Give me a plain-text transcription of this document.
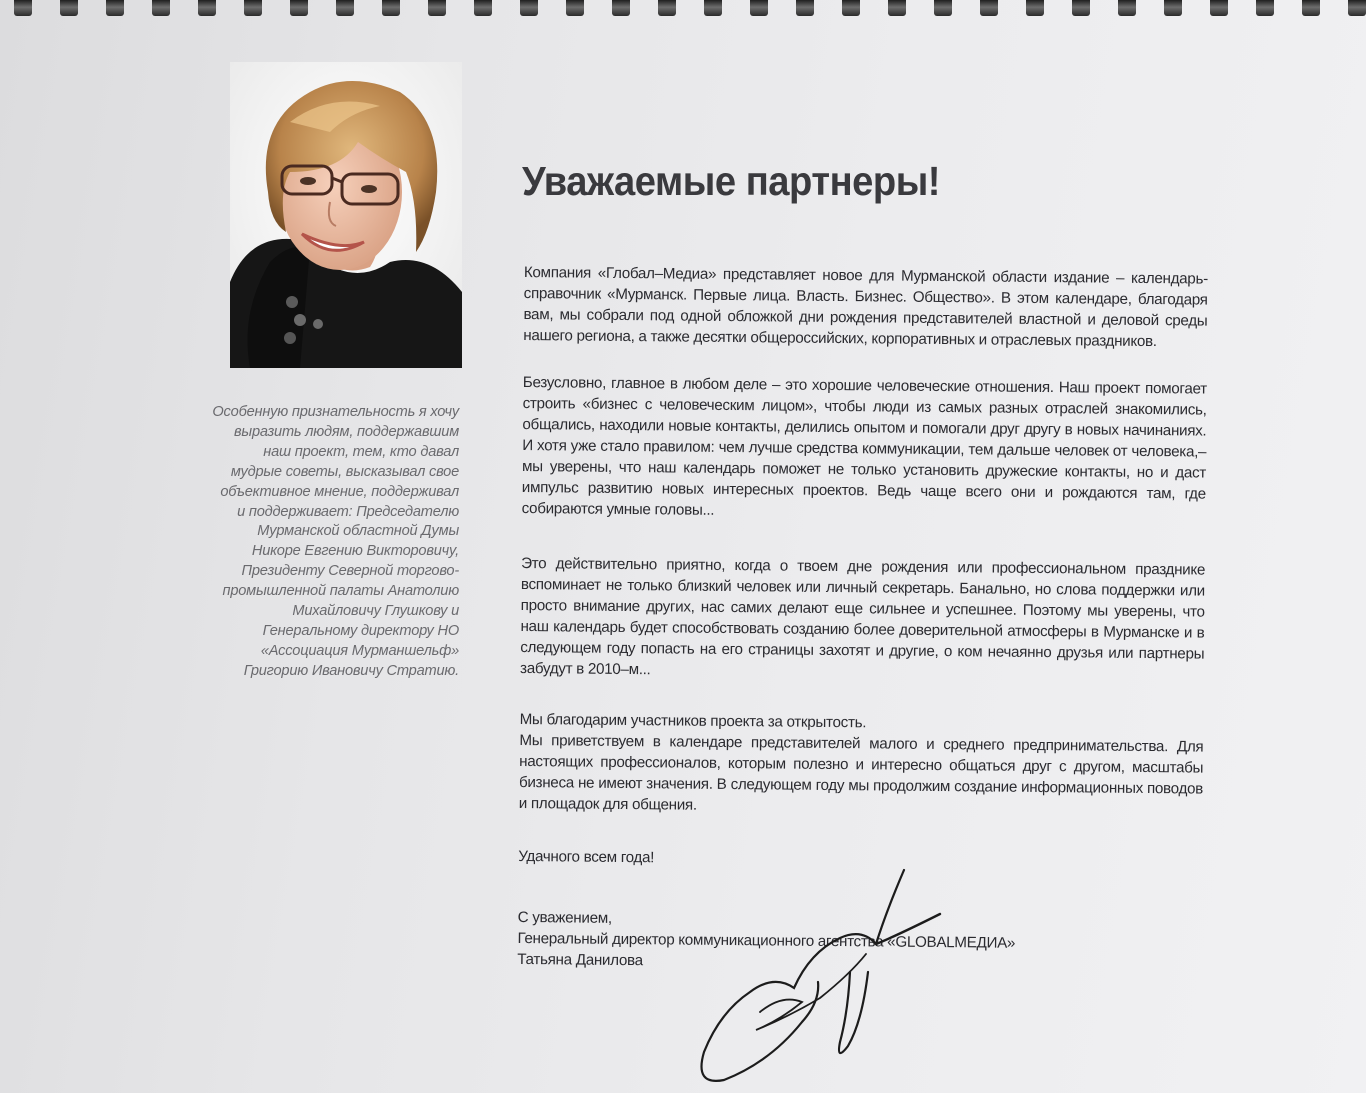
Особенную признательность я хочу выразить людям, поддержавшим наш проект, тем, кто давал мудрые советы, высказывал свое объективное мнение, поддерживал и поддерживает: Председателю Мурманской областной Думы Никоре Евгению Викторовичу, Президенту Северной торгово-промышленной палаты Анатолию Михайловичу Глушкову и Генеральному директору НО «Ассоциация Мурманшельф» Григорию Ивановичу Стратию.

Уважаемые партнеры!

Компания «Глобал–Медиа» представляет новое для Мурманской области издание – календарь-справочник «Мурманск. Первые лица. Власть. Бизнес. Общество». В этом календаре, благодаря вам, мы собрали под одной обложкой дни рождения представителей властной и деловой среды нашего региона, а также десятки общероссийских, корпоративных и отраслевых праздников.

Безусловно, главное в любом деле – это хорошие человеческие отношения. Наш проект помогает строить «бизнес с человеческим лицом», чтобы люди из самых разных отраслей знакомились, общались, находили новые контакты, делились опытом и помогали друг другу в новых начинаниях. И хотя уже стало правилом: чем лучше средства коммуникации, тем дальше человек от человека,– мы уверены, что наш календарь поможет не только установить дружеские контакты, но и даст импульс развитию новых интересных проектов. Ведь чаще всего они и рождаются там, где собираются умные головы...

Это действительно приятно, когда о твоем дне рождения или профессиональном празднике вспоминает не только близкий человек или личный секретарь. Банально, но слова поддержки или просто внимание других, нас самих делают еще сильнее и успешнее. Поэтому мы уверены, что наш календарь будет способствовать созданию более доверительной атмосферы в Мурманске и в следующем году попасть на его страницы захотят и другие, о ком нечаянно друзья или партнеры забудут в 2010–м...

Мы благодарим участников проекта за открытость.

Мы приветствуем в календаре представителей малого и среднего предпринимательства. Для настоящих профессионалов, которым полезно и интересно общаться друг с другом, масштабы бизнеса не имеют значения. В следующем году мы продолжим создание информационных поводов и площадок для общения.

Удачного всем года!

С уважением,

Генеральный директор коммуникационного агентства «GLOBALMEДИА»

Татьяна Данилова
